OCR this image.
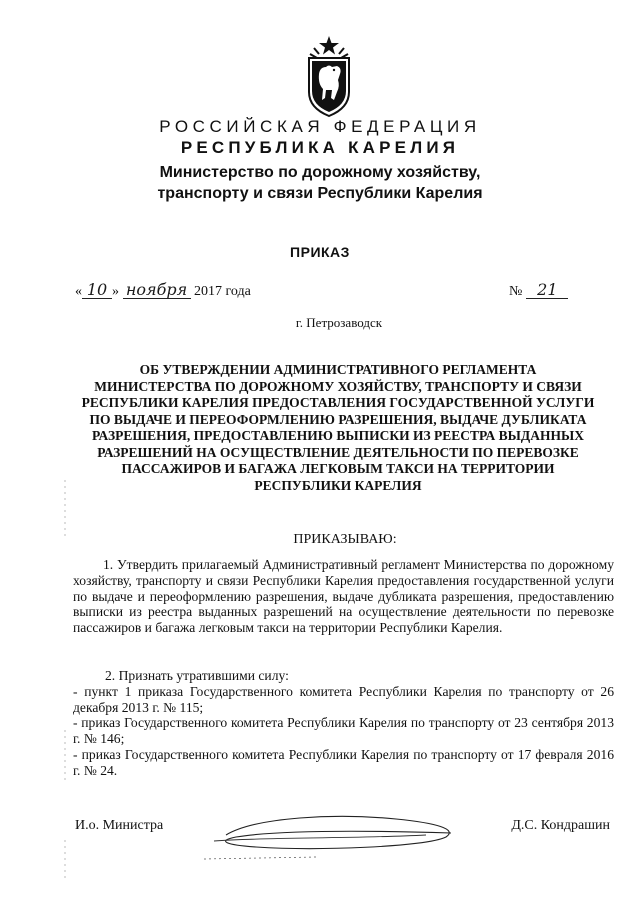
РОССИЙСКАЯ ФЕДЕРАЦИЯ
РЕСПУБЛИКА КАРЕЛИЯ
Министерство по дорожному хозяйству,
транспорту и связи Республики Карелия
ПРИКАЗ
« 10 » ноября 2017 года	№ 21
г. Петрозаводск
ОБ УТВЕРЖДЕНИИ АДМИНИСТРАТИВНОГО РЕГЛАМЕНТА
МИНИСТЕРСТВА ПО ДОРОЖНОМУ ХОЗЯЙСТВУ, ТРАНСПОРТУ И СВЯЗИ
РЕСПУБЛИКИ КАРЕЛИЯ ПРЕДОСТАВЛЕНИЯ ГОСУДАРСТВЕННОЙ УСЛУГИ
ПО ВЫДАЧЕ И ПЕРЕОФОРМЛЕНИЮ РАЗРЕШЕНИЯ, ВЫДАЧЕ ДУБЛИКАТА
РАЗРЕШЕНИЯ, ПРЕДОСТАВЛЕНИЮ ВЫПИСКИ ИЗ РЕЕСТРА ВЫДАННЫХ
РАЗРЕШЕНИЙ НА ОСУЩЕСТВЛЕНИЕ ДЕЯТЕЛЬНОСТИ ПО ПЕРЕВОЗКЕ
ПАССАЖИРОВ И БАГАЖА ЛЕГКОВЫМ ТАКСИ НА ТЕРРИТОРИИ
РЕСПУБЛИКИ КАРЕЛИЯ
ПРИКАЗЫВАЮ:
1. Утвердить прилагаемый Административный регламент Министерства по дорожному хозяйству, транспорту и связи Республики Карелия предоставления государственной услуги по выдаче и переоформлению разрешения, выдаче дубликата разрешения, предоставлению выписки из реестра выданных разрешений на осуществление деятельности по перевозке пассажиров и багажа легковым такси на территории Республики Карелия.
2. Признать утратившими силу:
- пункт 1 приказа Государственного комитета Республики Карелия по транспорту от 26 декабря 2013 г. № 115;
- приказ Государственного комитета Республики Карелия по транспорту от 23 сентября 2013 г. № 146;
- приказ Государственного комитета Республики Карелия по транспорту от 17 февраля 2016 г. № 24.
И.о. Министра	Д.С. Кондрашин
